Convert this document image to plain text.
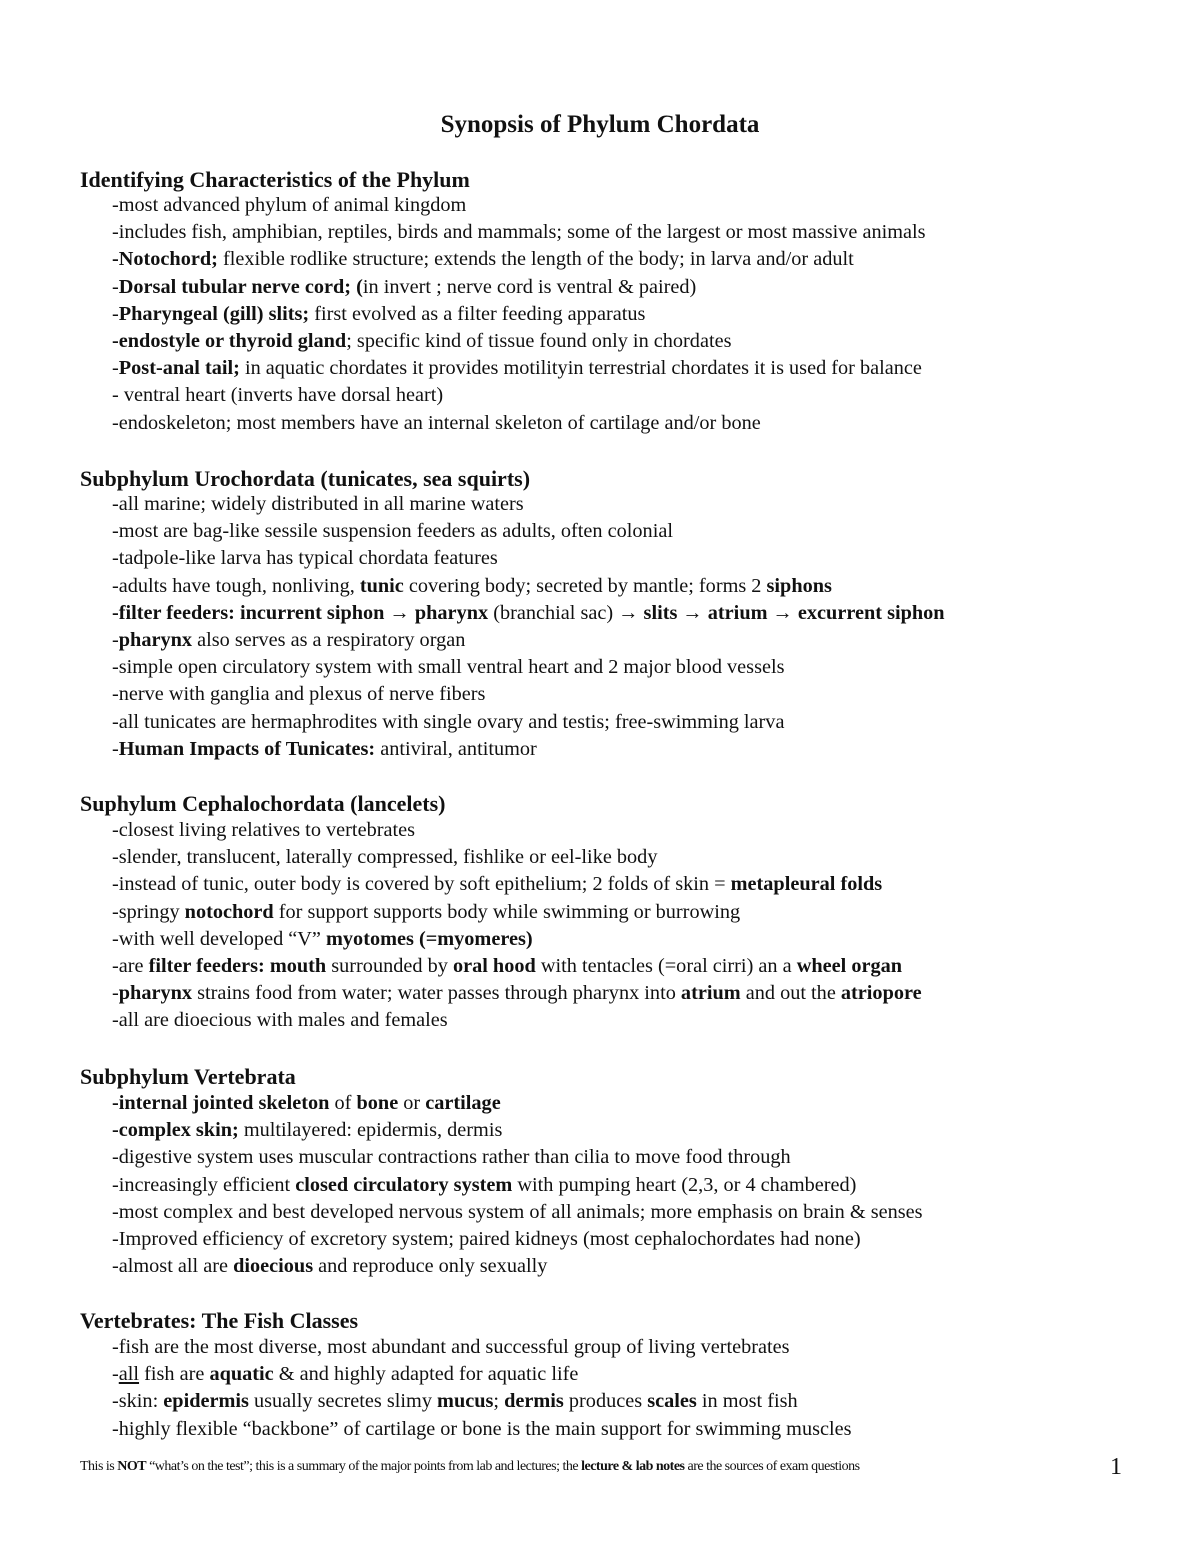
Synopsis of Phylum Chordata
Identifying Characteristics of the Phylum
-most advanced phylum of animal kingdom
-includes fish, amphibian, reptiles, birds and mammals; some of the largest or most massive animals
-Notochord; flexible rodlike structure; extends the length of the body; in larva and/or adult
-Dorsal tubular nerve cord; (in invert ; nerve cord is ventral & paired)
-Pharyngeal (gill) slits; first evolved as a filter feeding apparatus
-endostyle or thyroid gland; specific kind of tissue found only in chordates
-Post-anal tail; in aquatic chordates it provides motilityin terrestrial chordates it is used for balance
- ventral heart (inverts have dorsal heart)
-endoskeleton; most members have an internal skeleton of cartilage and/or bone
Subphylum Urochordata (tunicates, sea squirts)
-all marine; widely distributed in all marine waters
-most are bag-like sessile suspension feeders as adults, often colonial
-tadpole-like larva has typical chordata features
-adults have tough, nonliving, tunic covering body; secreted by mantle; forms 2 siphons
-filter feeders: incurrent siphon → pharynx (branchial sac) → slits → atrium → excurrent siphon
-pharynx also serves as a respiratory organ
-simple open circulatory system with small ventral heart and 2 major blood vessels
-nerve with ganglia and plexus of nerve fibers
-all tunicates are hermaphrodites with single ovary and testis; free-swimming larva
-Human Impacts of Tunicates: antiviral, antitumor
Suphylum Cephalochordata (lancelets)
-closest living relatives to vertebrates
-slender, translucent, laterally compressed, fishlike or eel-like body
-instead of tunic, outer body is covered by soft epithelium; 2 folds of skin = metapleural folds
-springy notochord for support supports body while swimming or burrowing
-with well developed “V” myotomes (=myomeres)
-are filter feeders: mouth surrounded by oral hood with tentacles (=oral cirri) an a wheel organ
-pharynx strains food from water; water passes through pharynx into atrium and out the atriopore
-all are dioecious with males and females
Subphylum Vertebrata
-internal jointed skeleton of bone or cartilage
-complex skin; multilayered: epidermis, dermis
-digestive system uses muscular contractions rather than cilia to move food through
-increasingly efficient closed circulatory system with pumping heart (2,3, or 4 chambered)
-most complex and best developed nervous system of all animals; more emphasis on brain & senses
-Improved efficiency of excretory system; paired kidneys (most cephalochordates had none)
-almost all are dioecious and reproduce only sexually
Vertebrates: The Fish Classes
-fish are the most diverse, most abundant and successful group of living vertebrates
-all fish are aquatic & and highly adapted for aquatic life
-skin: epidermis usually secretes slimy mucus; dermis produces scales in most fish
-highly flexible “backbone” of cartilage or bone is the main support for swimming muscles
This is NOT “what’s on the test”; this is a summary of the major points from lab and lectures; the lecture & lab notes are the sources of exam questions	1
